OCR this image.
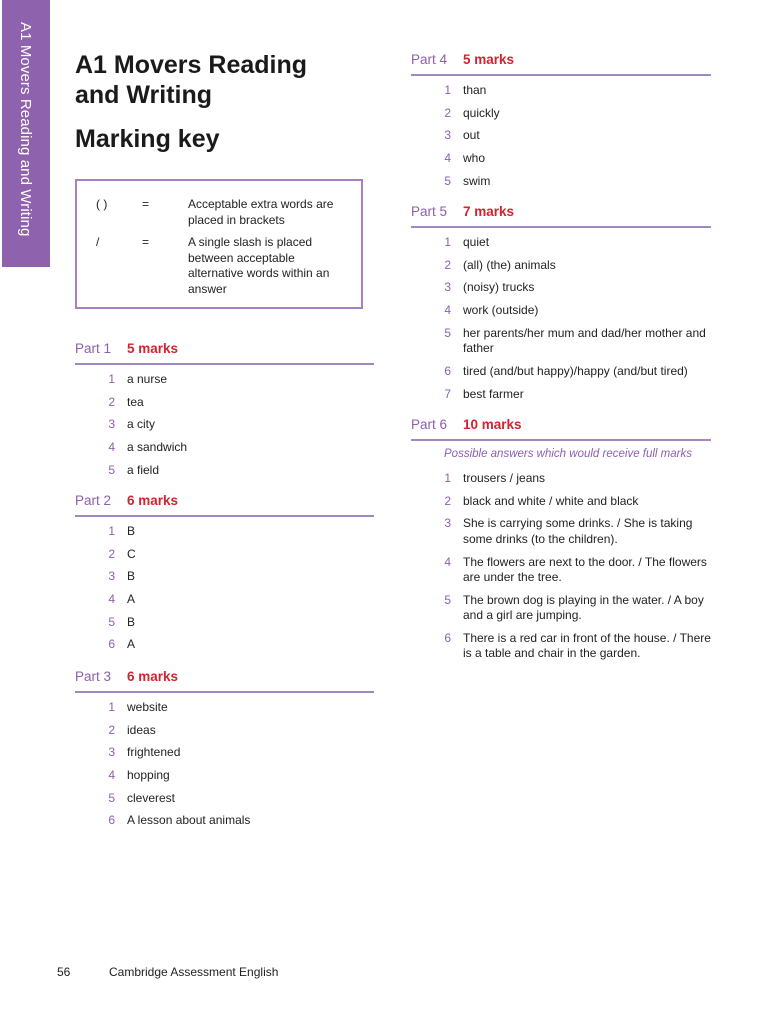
A1 Movers Reading and Writing A1 Movers Reading and Writing
Marking key
( )	=	Acceptable extra words are placed in brackets
/	=	A single slash is placed between acceptable alternative words within an answer
Part 1 5 marks
1 a nurse
2 tea
3 a city
4 a sandwich
5 a field
Part 2 6 marks
1 B
2 C
3 B
4 A
5 B
6 A
Part 3 6 marks
1 website
2 ideas
3 frightened
4 hopping
5 cleverest
6 A lesson about animals
Part 4 5 marks
1 than
2 quickly
3 out
4 who
5 swim
Part 5 7 marks
1 quiet
2 (all) (the) animals
3 (noisy) trucks
4 work (outside)
5 her parents/her mum and dad/her mother and father
6 tired (and/but happy)/happy (and/but tired)
7 best farmer
Part 6 10 marks
Possible answers which would receive full marks
1 trousers / jeans
2 black and white / white and black
3 She is carrying some drinks. / She is taking some drinks (to the children).
4 The flowers are next to the door. / The flowers are under the tree.
5 The brown dog is playing in the water. / A boy and a girl are jumping.
6 There is a red car in front of the house. / There is a table and chair in the garden.
56	Cambridge Assessment English
